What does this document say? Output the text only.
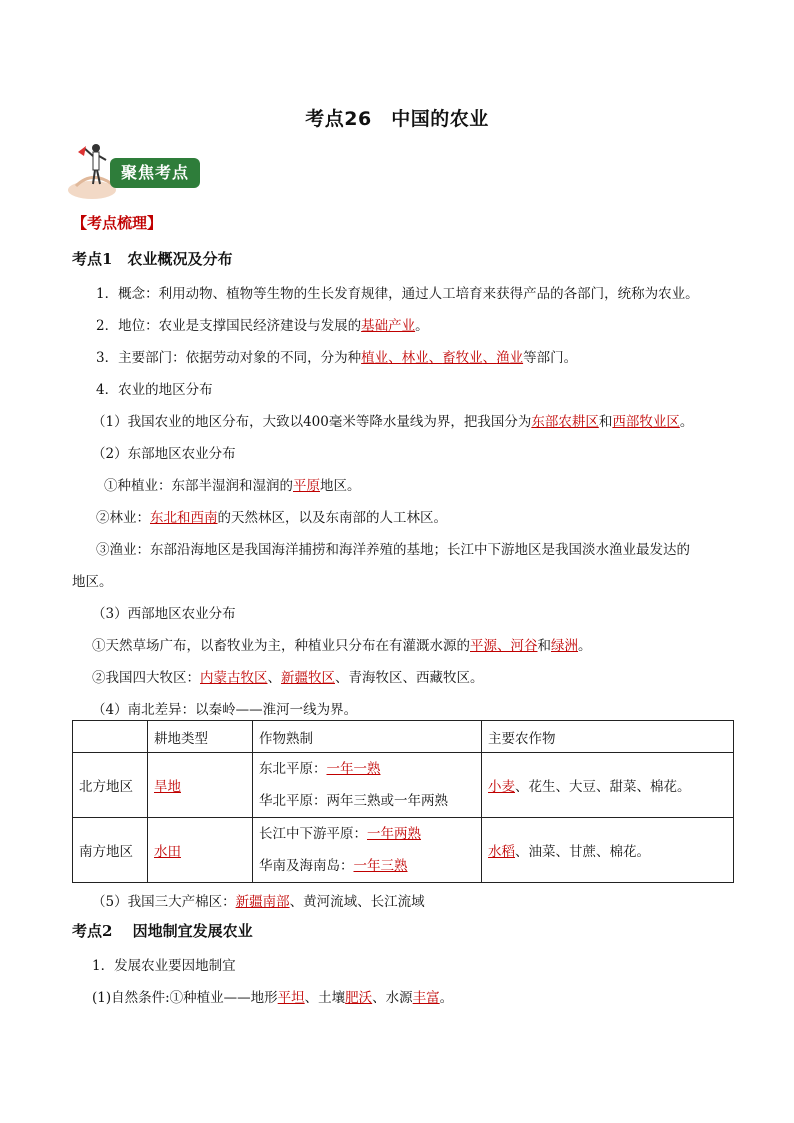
考点26　中国的农业
聚焦考点
【考点梳理】
考点1　农业概况及分布
1．概念：利用动物、植物等生物的生长发育规律，通过人工培育来获得产品的各部门，统称为农业。
2．地位：农业是支撑国民经济建设与发展的基础产业。
3．主要部门：依据劳动对象的不同，分为种植业、林业、畜牧业、渔业等部门。
4．农业的地区分布
（1）我国农业的地区分布，大致以400毫米等降水量线为界，把我国分为东部农耕区和西部牧业区。
（2）东部地区农业分布
①种植业：东部半湿润和湿润的平原地区。
②林业：东北和西南的天然林区，以及东南部的人工林区。
③渔业：东部沿海地区是我国海洋捕捞和海洋养殖的基地；长江中下游地区是我国淡水渔业最发达的
地区。
（3）西部地区农业分布
①天然草场广布，以畜牧业为主，种植业只分布在有灌溉水源的平源、河谷和绿洲。
②我国四大牧区：内蒙古牧区、新疆牧区、青海牧区、西藏牧区。
（4）南北差异：以秦岭——淮河一线为界。
	耕地类型	作物熟制	主要农作物
北方地区	旱地	东北平原：一年一熟
华北平原：两年三熟或一年两熟	小麦、花生、大豆、甜菜、棉花。
南方地区	水田	长江中下游平原：一年两熟
华南及海南岛：一年三熟	水稻、油菜、甘蔗、棉花。
（5）我国三大产棉区：新疆南部、黄河流域、长江流域
考点2　 因地制宜发展农业
1．发展农业要因地制宜
(1)自然条件:①种植业——地形平坦、土壤肥沃、水源丰富。
